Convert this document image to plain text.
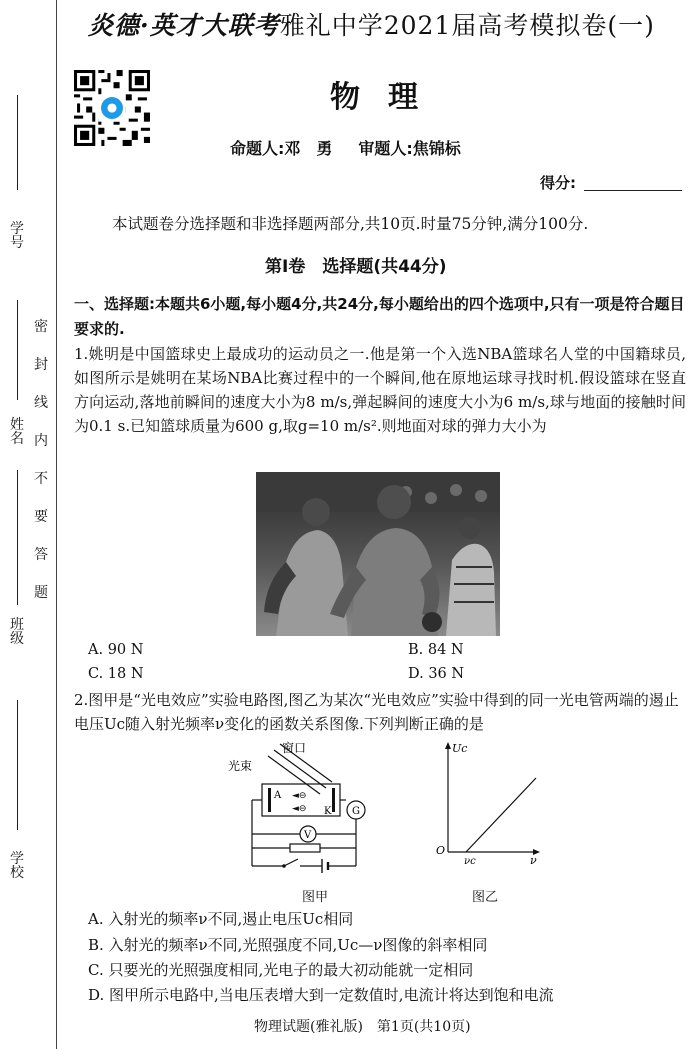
学号
姓名
班级
学校
密封线内不要答题
炎德·英才大联考雅礼中学2021届高考模拟卷(一)
物理
命题人:邓　勇 审题人:焦锦标
得分:
本试题卷分选择题和非选择题两部分,共10页.时量75分钟,满分100分.
第Ⅰ卷　选择题(共44分)
一、选择题:本题共6小题,每小题4分,共24分,每小题给出的四个选项中,只有一项是符合题目要求的.
1.姚明是中国篮球史上最成功的运动员之一.他是第一个入选NBA篮球名人堂的中国籍球员,如图所示是姚明在某场NBA比赛过程中的一个瞬间,他在原地运球寻找时机.假设篮球在竖直方向运动,落地前瞬间的速度大小为8 m/s,弹起瞬间的速度大小为6 m/s,球与地面的接触时间为0.1 s.已知篮球质量为600 g,取g=10 m/s².则地面对球的弹力大小为
A. 90 N	B. 84 N
C. 18 N	D. 36 N
2.图甲是“光电效应”实验电路图,图乙为某次“光电效应”实验中得到的同一光电管两端的遏止电压Uc随入射光频率ν变化的函数关系图像.下列判断正确的是
◄⊖
◄⊖
窗口
光束
A
K G
V
图甲
Uc
ν
O
νc
图乙
A. 入射光的频率ν不同,遏止电压Uc相同
B. 入射光的频率ν不同,光照强度不同,Uc—ν图像的斜率相同
C. 只要光的光照强度相同,光电子的最大初动能就一定相同
D. 图甲所示电路中,当电压表增大到一定数值时,电流计将达到饱和电流
物理试题(雅礼版)　第1页(共10页)
